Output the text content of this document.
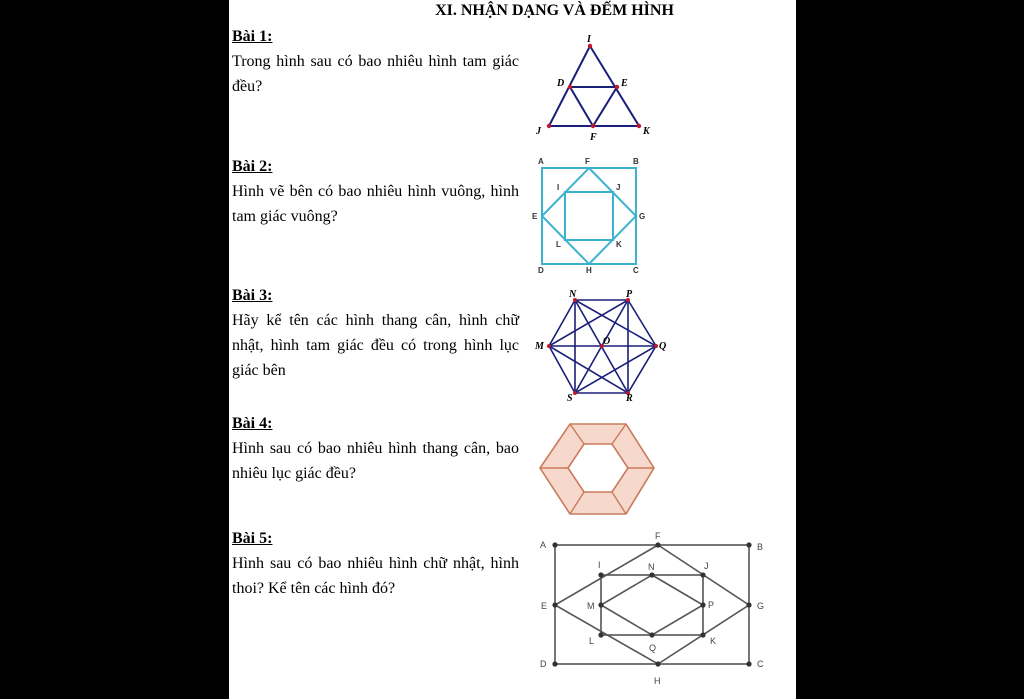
XI. NHẬN DẠNG VÀ ĐẾM HÌNH
Bài 1:
Trong hình sau có bao nhiêu hình tam giác đều?
Bài 2:
Hình vẽ bên có bao nhiêu hình vuông, hình tam giác vuông?
Bài 3:
Hãy kể tên các hình thang cân, hình chữ nhật, hình tam giác đều có trong hình lục giác bên
Bài 4:
Hình sau có bao nhiêu hình thang cân, bao nhiêu lục giác đều?
Bài 5:
Hình sau có bao nhiêu hình chữ nhật, hình thoi? Kể tên các hình đó?
I
D	E
J
F
K
A	F	B
I	J
E	G
L	K
D	H	C
N	P
M	O	Q
S	R
A
F
B
I	N	J
E	M	P	G
L	K
Q
D	C
H
